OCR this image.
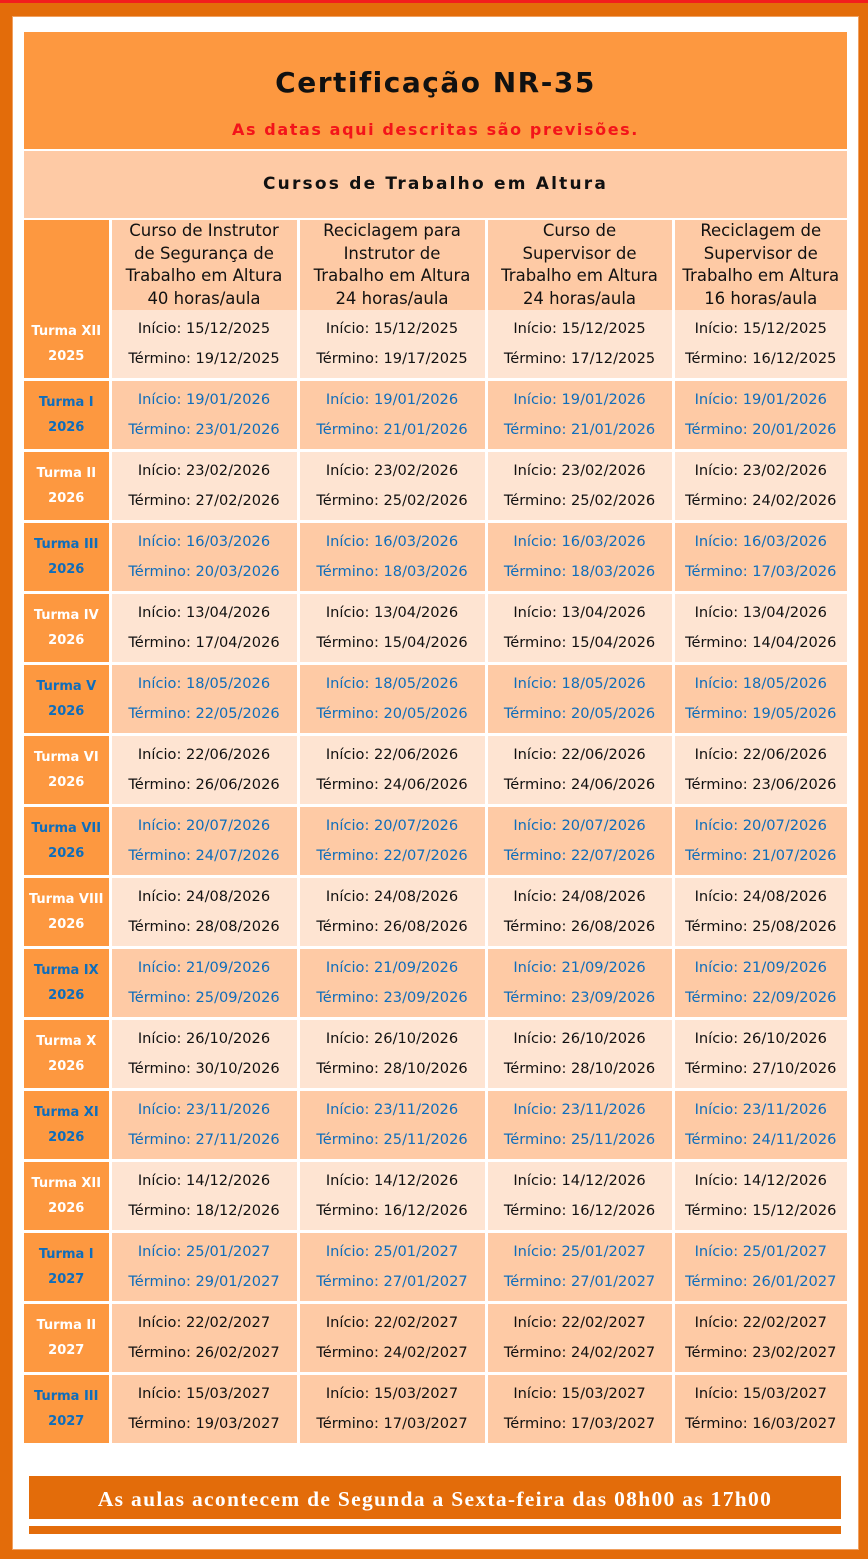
Certificação NR-35
As datas aqui descritas são previsões.
Cursos de Trabalho em Altura

	Curso de Instrutor
de Segurança de
Trabalho em Altura
40 horas/aula	Reciclagem para
Instrutor de
Trabalho em Altura
24 horas/aula	Curso de
Supervisor de
Trabalho em Altura
24 horas/aula	Reciclagem de
Supervisor de
Trabalho em Altura
16 horas/aula

Turma XII
2025	Início: 15/12/2025
Término: 19/12/2025	Início: 15/12/2025
Término: 19/17/2025	Início: 15/12/2025
Término: 17/12/2025	Início: 15/12/2025
Término: 16/12/2025

Turma I
2026	Início: 19/01/2026
Término: 23/01/2026	Início: 19/01/2026
Término: 21/01/2026	Início: 19/01/2026
Término: 21/01/2026	Início: 19/01/2026
Término: 20/01/2026

Turma II
2026	Início: 23/02/2026
Término: 27/02/2026	Início: 23/02/2026
Término: 25/02/2026	Início: 23/02/2026
Término: 25/02/2026	Início: 23/02/2026
Término: 24/02/2026

Turma III
2026	Início: 16/03/2026
Término: 20/03/2026	Início: 16/03/2026
Término: 18/03/2026	Início: 16/03/2026
Término: 18/03/2026	Início: 16/03/2026
Término: 17/03/2026

Turma IV
2026	Início: 13/04/2026
Término: 17/04/2026	Início: 13/04/2026
Término: 15/04/2026	Início: 13/04/2026
Término: 15/04/2026	Início: 13/04/2026
Término: 14/04/2026

Turma V
2026	Início: 18/05/2026
Término: 22/05/2026	Início: 18/05/2026
Término: 20/05/2026	Início: 18/05/2026
Término: 20/05/2026	Início: 18/05/2026
Término: 19/05/2026

Turma VI
2026	Início: 22/06/2026
Término: 26/06/2026	Início: 22/06/2026
Término: 24/06/2026	Início: 22/06/2026
Término: 24/06/2026	Início: 22/06/2026
Término: 23/06/2026

Turma VII
2026	Início: 20/07/2026
Término: 24/07/2026	Início: 20/07/2026
Término: 22/07/2026	Início: 20/07/2026
Término: 22/07/2026	Início: 20/07/2026
Término: 21/07/2026

Turma VIII
2026	Início: 24/08/2026
Término: 28/08/2026	Início: 24/08/2026
Término: 26/08/2026	Início: 24/08/2026
Término: 26/08/2026	Início: 24/08/2026
Término: 25/08/2026

Turma IX
2026	Início: 21/09/2026
Término: 25/09/2026	Início: 21/09/2026
Término: 23/09/2026	Início: 21/09/2026
Término: 23/09/2026	Início: 21/09/2026
Término: 22/09/2026

Turma X
2026	Início: 26/10/2026
Término: 30/10/2026	Início: 26/10/2026
Término: 28/10/2026	Início: 26/10/2026
Término: 28/10/2026	Início: 26/10/2026
Término: 27/10/2026

Turma XI
2026	Início: 23/11/2026
Término: 27/11/2026	Início: 23/11/2026
Término: 25/11/2026	Início: 23/11/2026
Término: 25/11/2026	Início: 23/11/2026
Término: 24/11/2026

Turma XII
2026	Início: 14/12/2026
Término: 18/12/2026	Início: 14/12/2026
Término: 16/12/2026	Início: 14/12/2026
Término: 16/12/2026	Início: 14/12/2026
Término: 15/12/2026

Turma I
2027	Início: 25/01/2027
Término: 29/01/2027	Início: 25/01/2027
Término: 27/01/2027	Início: 25/01/2027
Término: 27/01/2027	Início: 25/01/2027
Término: 26/01/2027

Turma II
2027	Início: 22/02/2027
Término: 26/02/2027	Início: 22/02/2027
Término: 24/02/2027	Início: 22/02/2027
Término: 24/02/2027	Início: 22/02/2027
Término: 23/02/2027

Turma III
2027	Início: 15/03/2027
Término: 19/03/2027	Início: 15/03/2027
Término: 17/03/2027	Início: 15/03/2027
Término: 17/03/2027	Início: 15/03/2027
Término: 16/03/2027
As aulas acontecem de Segunda a Sexta-feira das 08h00 as 17h00
